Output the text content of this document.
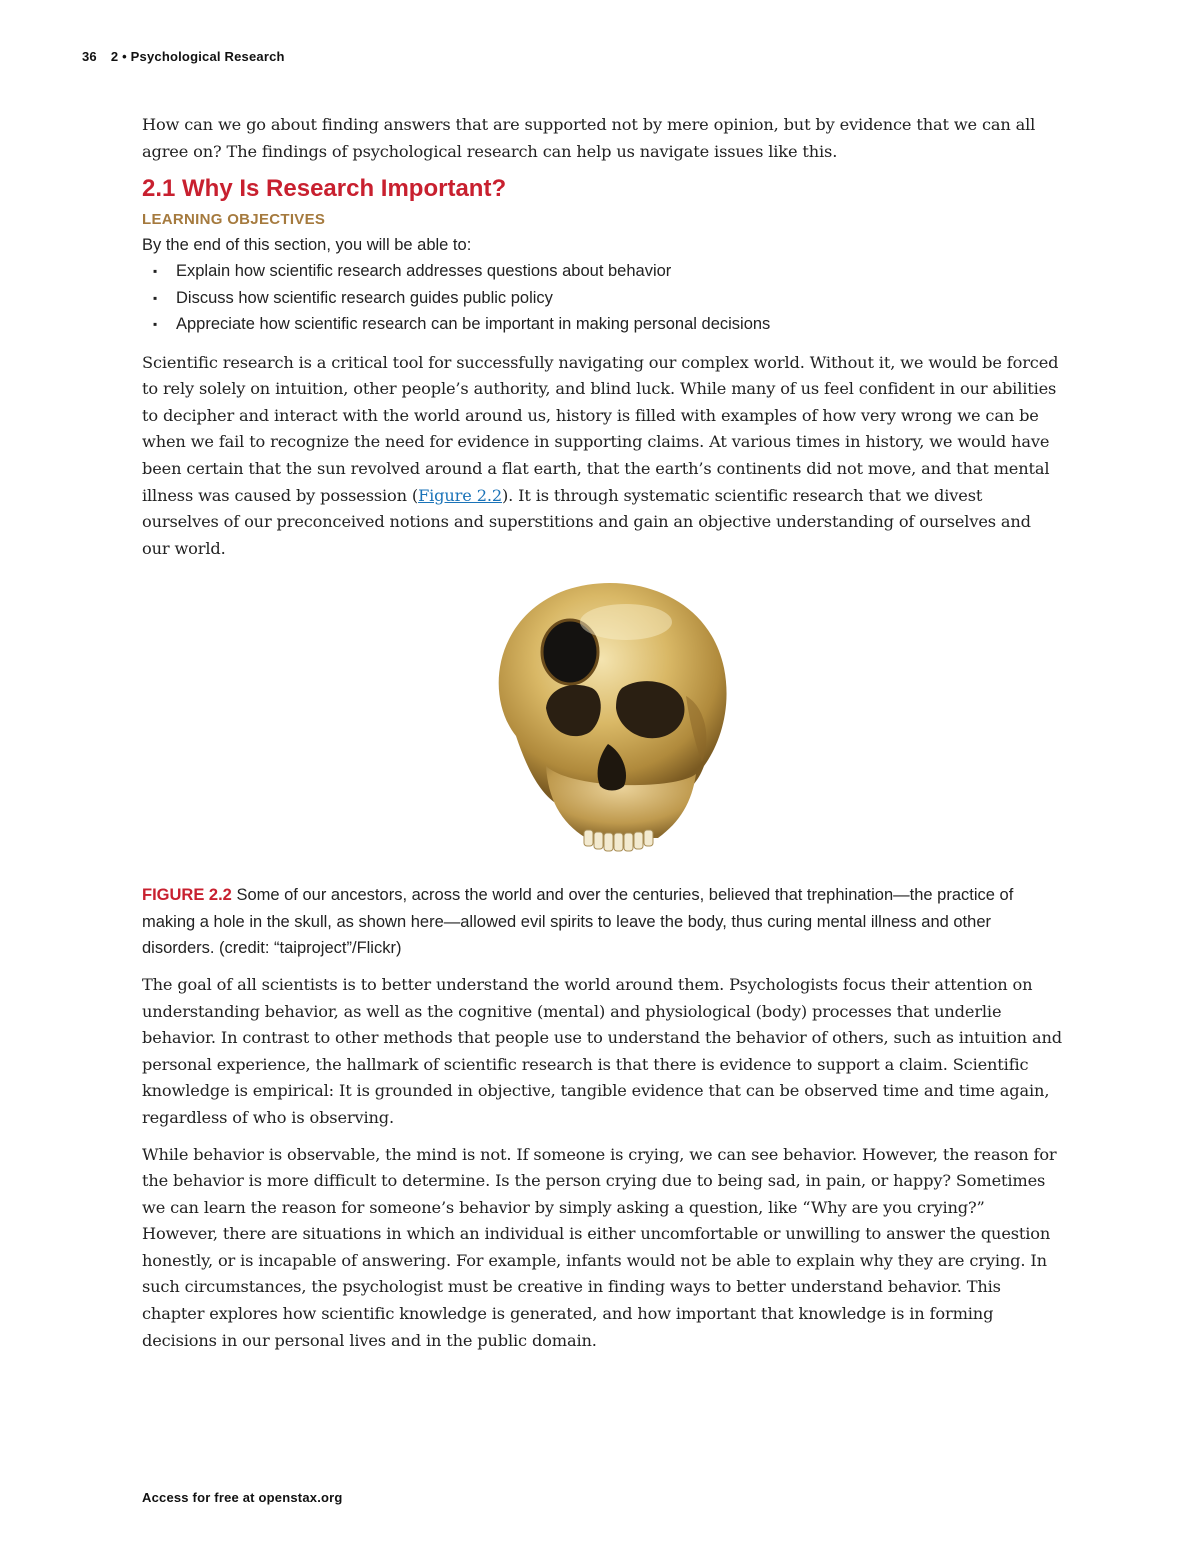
36 2 • Psychological Research

How can we go about finding answers that are supported not by mere opinion, but by evidence that we can all agree on? The findings of psychological research can help us navigate issues like this.

2.1 Why Is Research Important?
LEARNING OBJECTIVES

By the end of this section, you will be able to:

▪ Explain how scientific research addresses questions about behavior
▪ Discuss how scientific research guides public policy
▪ Appreciate how scientific research can be important in making personal decisions

Scientific research is a critical tool for successfully navigating our complex world. Without it, we would be forced to rely solely on intuition, other people’s authority, and blind luck. While many of us feel confident in our abilities to decipher and interact with the world around us, history is filled with examples of how very wrong we can be when we fail to recognize the need for evidence in supporting claims. At various times in history, we would have been certain that the sun revolved around a flat earth, that the earth’s continents did not move, and that mental illness was caused by possession (Figure 2.2). It is through systematic scientific research that we divest ourselves of our preconceived notions and superstitions and gain an objective understanding of ourselves and our world.

FIGURE 2.2 Some of our ancestors, across the world and over the centuries, believed that trephination—the practice of making a hole in the skull, as shown here—allowed evil spirits to leave the body, thus curing mental illness and other disorders. (credit: “taiproject”/Flickr)

The goal of all scientists is to better understand the world around them. Psychologists focus their attention on understanding behavior, as well as the cognitive (mental) and physiological (body) processes that underlie behavior. In contrast to other methods that people use to understand the behavior of others, such as intuition and personal experience, the hallmark of scientific research is that there is evidence to support a claim. Scientific knowledge is empirical: It is grounded in objective, tangible evidence that can be observed time and time again, regardless of who is observing.

While behavior is observable, the mind is not. If someone is crying, we can see behavior. However, the reason for the behavior is more difficult to determine. Is the person crying due to being sad, in pain, or happy? Sometimes we can learn the reason for someone’s behavior by simply asking a question, like “Why are you crying?” However, there are situations in which an individual is either uncomfortable or unwilling to answer the question honestly, or is incapable of answering. For example, infants would not be able to explain why they are crying. In such circumstances, the psychologist must be creative in finding ways to better understand behavior. This chapter explores how scientific knowledge is generated, and how important that knowledge is in forming decisions in our personal lives and in the public domain.

Access for free at openstax.org
